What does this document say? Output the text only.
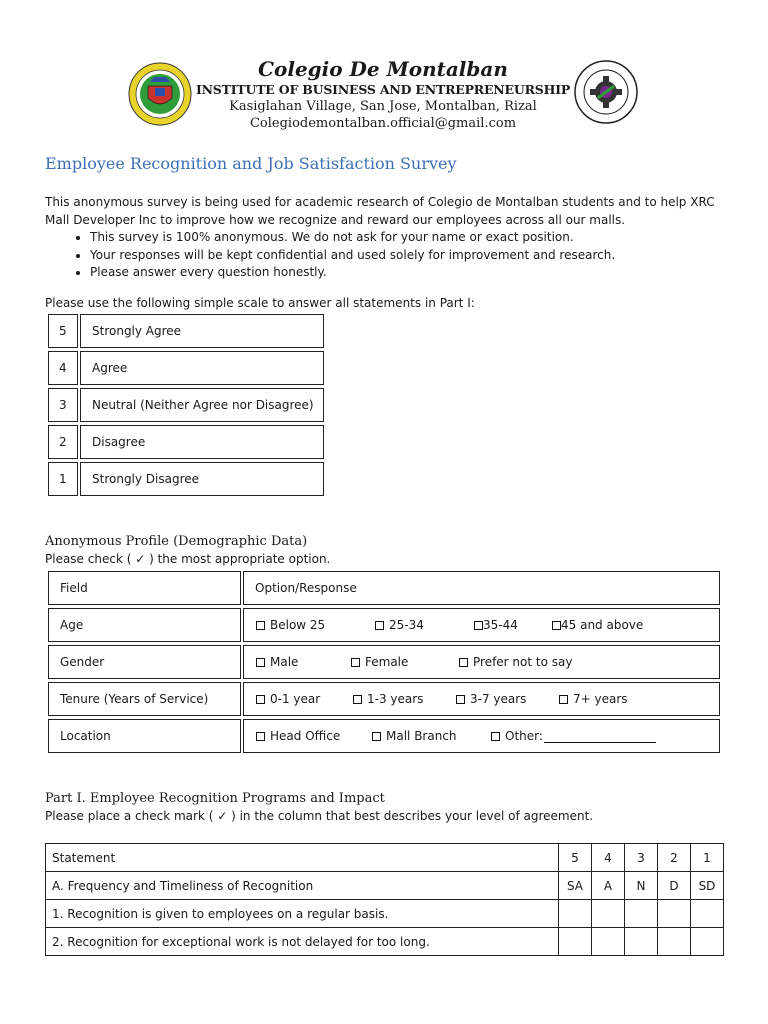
Colegio De Montalban
INSTITUTE OF BUSINESS AND ENTREPRENEURSHIP
Kasiglahan Village, San Jose, Montalban, Rizal
Colegiodemontalban.official@gmail.com
Employee Recognition and Job Satisfaction Survey

This anonymous survey is being used for academic research of Colegio de Montalban students and to help XRC Mall Developer Inc to improve how we recognize and reward our employees across all our malls.

• This survey is 100% anonymous. We do not ask for your name or exact position.
• Your responses will be kept confidential and used solely for improvement and research.
• Please answer every question honestly.
Please use the following simple scale to answer all statements in Part I:
5	Strongly Agree
4	Agree
3	Neutral (Neither Agree nor Disagree)
2	Disagree
1	Strongly Disagree
Anonymous Profile (Demographic Data)
Please check ( ✓ ) the most appropriate option.
Field	Option/Response
Age	Below 25	25-34	35-44	45 and above
Gender	Male	Female	Prefer not to say
Tenure (Years of Service)	0-1 year	1-3 years	3-7 years	7+ years
Location	Head Office	Mall Branch	Other:
Part I. Employee Recognition Programs and Impact
Please place a check mark ( ✓ ) in the column that best describes your level of agreement.
Statement	5	4	3	2	1
A. Frequency and Timeliness of Recognition	SA	A	N	D	SD
1. Recognition is given to employees on a regular basis.					
2. Recognition for exceptional work is not delayed for too long.					
